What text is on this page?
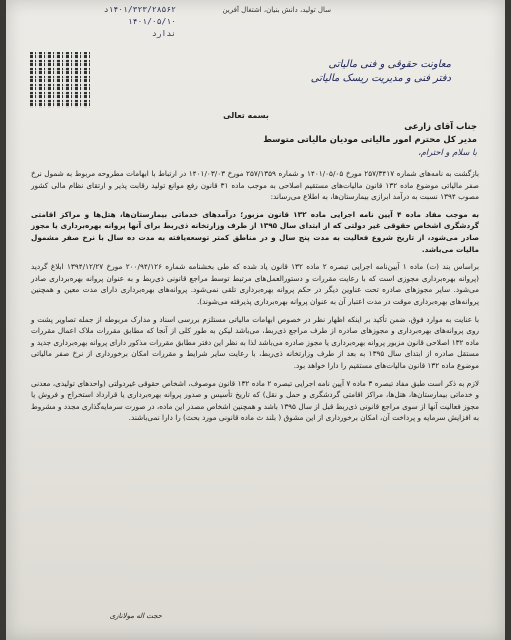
۱۴۰۱/۳۲۳/۲۸۵۶۲د
۱۴۰۱/۰۵/۱۰
ندارد
سال تولید، دانش بنیان، اشتغال آفرین
معاونت حقوقی و فنی مالیاتی
دفتر فنی و مدیریت ریسک مالیاتی
بسمه تعالی
جناب آقای زارعی
مدیر کل محترم امور مالیاتی مودیان مالیاتی متوسط
با سلام و احترام،

بازگشت به نامه‌های شماره ۲۵۷/۳۴۱۷ مورخ ۱۴۰۱/۰۵/۰۵ و شماره ۲۵۷/۱۳۵۹ مورخ ۱۴۰۱/۰۳/۰۳ در ارتباط با ابهامات مطروحه مربوط به شمول نرخ صفر مالیاتی موضوع ماده ۱۳۲ قانون مالیات‌های مستقیم اصلاحی به موجب ماده ۳۱ قانون رفع موانع تولید رقابت پذیر و ارتقای نظام مالی کشور مصوب ۱۳۹۴ نسبت به درآمد ابرازی بیمارستان‌ها، به اطلاع می‌رساند:

به موجب مفاد ماده ۴ آیین نامه اجرایی ماده ۱۳۲ قانون مزبور؛ درآمدهای خدماتی بیمارستان‌ها، هتل‌ها و مراکز اقامتی گردشگری اشخاص حقوقی غیر دولتی که از ابتدای سال ۱۳۹۵ از طرف وزارتخانه ذی‌ربط برای آنها پروانه بهره‌برداری یا مجوز صادر می‌شود، از تاریخ شروع فعالیت به مدت پنج سال و در مناطق کمتر توسعه‌یافته به مدت ده سال با نرخ صفر مشمول مالیات می‌باشد.

براساس بند (ت) ماده ۱ آیین‌نامه اجرایی تبصره ۲ ماده ۱۳۲ قانون یاد شده که طی بخشنامه شماره ۲۰۰/۹۴/۱۲۶ مورخ ۱۳۹۴/۱۲/۲۷ ابلاغ گردید (پروانه بهره‌برداری مجوزی است که با رعایت مقررات و دستورالعمل‌های مرتبط توسط مراجع قانونی ذی‌ربط و به عنوان پروانه بهره‌برداری صادر می‌شود. سایر مجوزهای صادره تحت عناوین دیگر در حکم پروانه بهره‌برداری تلقی نمی‌شود. پروانه‌های بهره‌برداری دارای مدت معین و همچنین پروانه‌های بهره‌برداری موقت در مدت اعتبار آن به عنوان پروانه بهره‌برداری پذیرفته می‌شوند).

با عنایت به موارد فوق، ضمن تأکید بر اینکه اظهار نظر در خصوص ابهامات مالیاتی مستلزم بررسی اسناد و مدارک مربوطه از جمله تصاویر پشت و روی پروانه‌های بهره‌برداری و مجوزهای صادره از طرف مراجع ذی‌ربط، می‌باشد لیکن به طور کلی از آنجا که مطابق مقررات ملاک اعمال مقررات ماده ۱۳۲ اصلاحی قانون مزبور پروانه بهره‌برداری یا مجوز صادره می‌باشد لذا به نظر این دفتر مطابق مقررات مذکور دارای پروانه بهره‌برداری جدید و مستقل صادره از ابتدای سال ۱۳۹۵ به بعد از طرف وزارتخانه ذی‌ربط، با رعایت سایر شرایط و مقررات امکان برخورداری از نرخ صفر مالیاتی موضوع ماده ۱۳۲ قانون مالیات‌های مستقیم را دارا خواهد بود.

لازم به ذکر است طبق مفاد تبصره ۳ ماده ۷ آیین نامه اجرایی تبصره ۲ ماده ۱۳۲ قانون موصوف، اشخاص حقوقی غیردولتی (واحدهای تولیدی، معدنی و خدماتی بیمارستان‌ها، هتل‌ها، مراکز اقامتی گردشگری و حمل و نقل) که تاریخ تأسیس و صدور پروانه بهره‌برداری یا قرارداد استخراج و فروش یا مجوز فعالیت آنها از سوی مراجع قانونی ذی‌ربط قبل از سال ۱۳۹۵ باشد و همچنین اشخاص مصدر این ماده، در صورت سرمایه‌گذاری مجدد و مشروط به افزایش سرمایه و پرداخت آن، امکان برخورداری از این مشوق ( بلند ث ماده قانونی مورد بحث) را دارا نمی‌باشند.

حجت اله مولانازی
